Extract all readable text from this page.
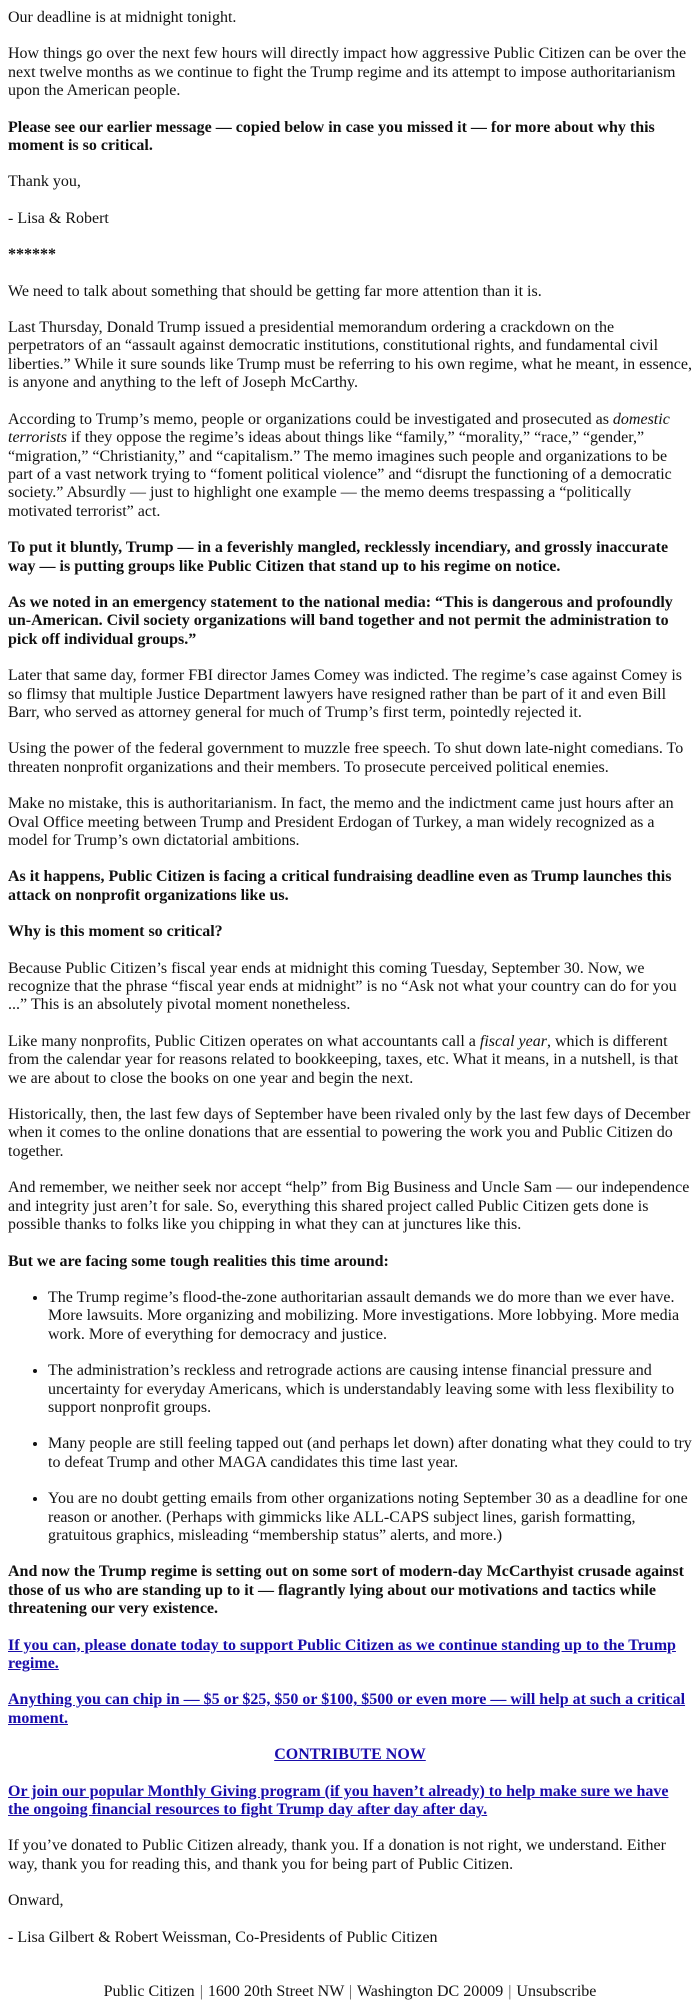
Our deadline is at midnight tonight.

How things go over the next few hours will directly impact how aggressive Public Citizen can be over the next twelve months as we continue to fight the Trump regime and its attempt to impose authoritarianism upon the American people.

Please see our earlier message — copied below in case you missed it — for more about why this moment is so critical.

Thank you,

- Lisa & Robert

******

We need to talk about something that should be getting far more attention than it is.

Last Thursday, Donald Trump issued a presidential memorandum ordering a crackdown on the perpetrators of an “assault against democratic institutions, constitutional rights, and fundamental civil liberties.” While it sure sounds like Trump must be referring to his own regime, what he meant, in essence, is anyone and anything to the left of Joseph McCarthy.

According to Trump’s memo, people or organizations could be investigated and prosecuted as domestic terrorists if they oppose the regime’s ideas about things like “family,” “morality,” “race,” “gender,” “migration,” “Christianity,” and “capitalism.” The memo imagines such people and organizations to be part of a vast network trying to “foment political violence” and “disrupt the functioning of a democratic society.” Absurdly — just to highlight one example — the memo deems trespassing a “politically motivated terrorist” act.

To put it bluntly, Trump — in a feverishly mangled, recklessly incendiary, and grossly inaccurate way — is putting groups like Public Citizen that stand up to his regime on notice.

As we noted in an emergency statement to the national media: “This is dangerous and profoundly un-American. Civil society organizations will band together and not permit the administration to pick off individual groups.”

Later that same day, former FBI director James Comey was indicted. The regime’s case against Comey is so flimsy that multiple Justice Department lawyers have resigned rather than be part of it and even Bill Barr, who served as attorney general for much of Trump’s first term, pointedly rejected it.

Using the power of the federal government to muzzle free speech. To shut down late-night comedians. To threaten nonprofit organizations and their members. To prosecute perceived political enemies.

Make no mistake, this is authoritarianism. In fact, the memo and the indictment came just hours after an Oval Office meeting between Trump and President Erdogan of Turkey, a man widely recognized as a model for Trump’s own dictatorial ambitions.

As it happens, Public Citizen is facing a critical fundraising deadline even as Trump launches this attack on nonprofit organizations like us.

Why is this moment so critical?

Because Public Citizen’s fiscal year ends at midnight this coming Tuesday, September 30. Now, we recognize that the phrase “fiscal year ends at midnight” is no “Ask not what your country can do for you ...” This is an absolutely pivotal moment nonetheless.

Like many nonprofits, Public Citizen operates on what accountants call a fiscal year, which is different from the calendar year for reasons related to bookkeeping, taxes, etc. What it means, in a nutshell, is that we are about to close the books on one year and begin the next.

Historically, then, the last few days of September have been rivaled only by the last few days of December when it comes to the online donations that are essential to powering the work you and Public Citizen do together.

And remember, we neither seek nor accept “help” from Big Business and Uncle Sam — our independence and integrity just aren’t for sale. So, everything this shared project called Public Citizen gets done is possible thanks to folks like you chipping in what they can at junctures like this.

But we are facing some tough realities this time around:

• The Trump regime’s flood-the-zone authoritarian assault demands we do more than we ever have. More lawsuits. More organizing and mobilizing. More investigations. More lobbying. More media work. More of everything for democracy and justice.
• The administration’s reckless and retrograde actions are causing intense financial pressure and uncertainty for everyday Americans, which is understandably leaving some with less flexibility to support nonprofit groups.
• Many people are still feeling tapped out (and perhaps let down) after donating what they could to try to defeat Trump and other MAGA candidates this time last year.
• You are no doubt getting emails from other organizations noting September 30 as a deadline for one reason or another. (Perhaps with gimmicks like ALL-CAPS subject lines, garish formatting, gratuitous graphics, misleading “membership status” alerts, and more.)

And now the Trump regime is setting out on some sort of modern-day McCarthyist crusade against those of us who are standing up to it — flagrantly lying about our motivations and tactics while threatening our very existence.

If you can, please donate today to support Public Citizen as we continue standing up to the Trump regime.

Anything you can chip in — $5 or $25, $50 or $100, $500 or even more — will help at such a critical moment.

CONTRIBUTE NOW

Or join our popular Monthly Giving program (if you haven’t already) to help make sure we have the ongoing financial resources to fight Trump day after day after day.

If you’ve donated to Public Citizen already, thank you. If a donation is not right, we understand. Either way, thank you for reading this, and thank you for being part of Public Citizen.

Onward,

- Lisa Gilbert & Robert Weissman, Co-Presidents of Public Citizen

Public Citizen | 1600 20th Street NW | Washington DC 20009 | Unsubscribe
